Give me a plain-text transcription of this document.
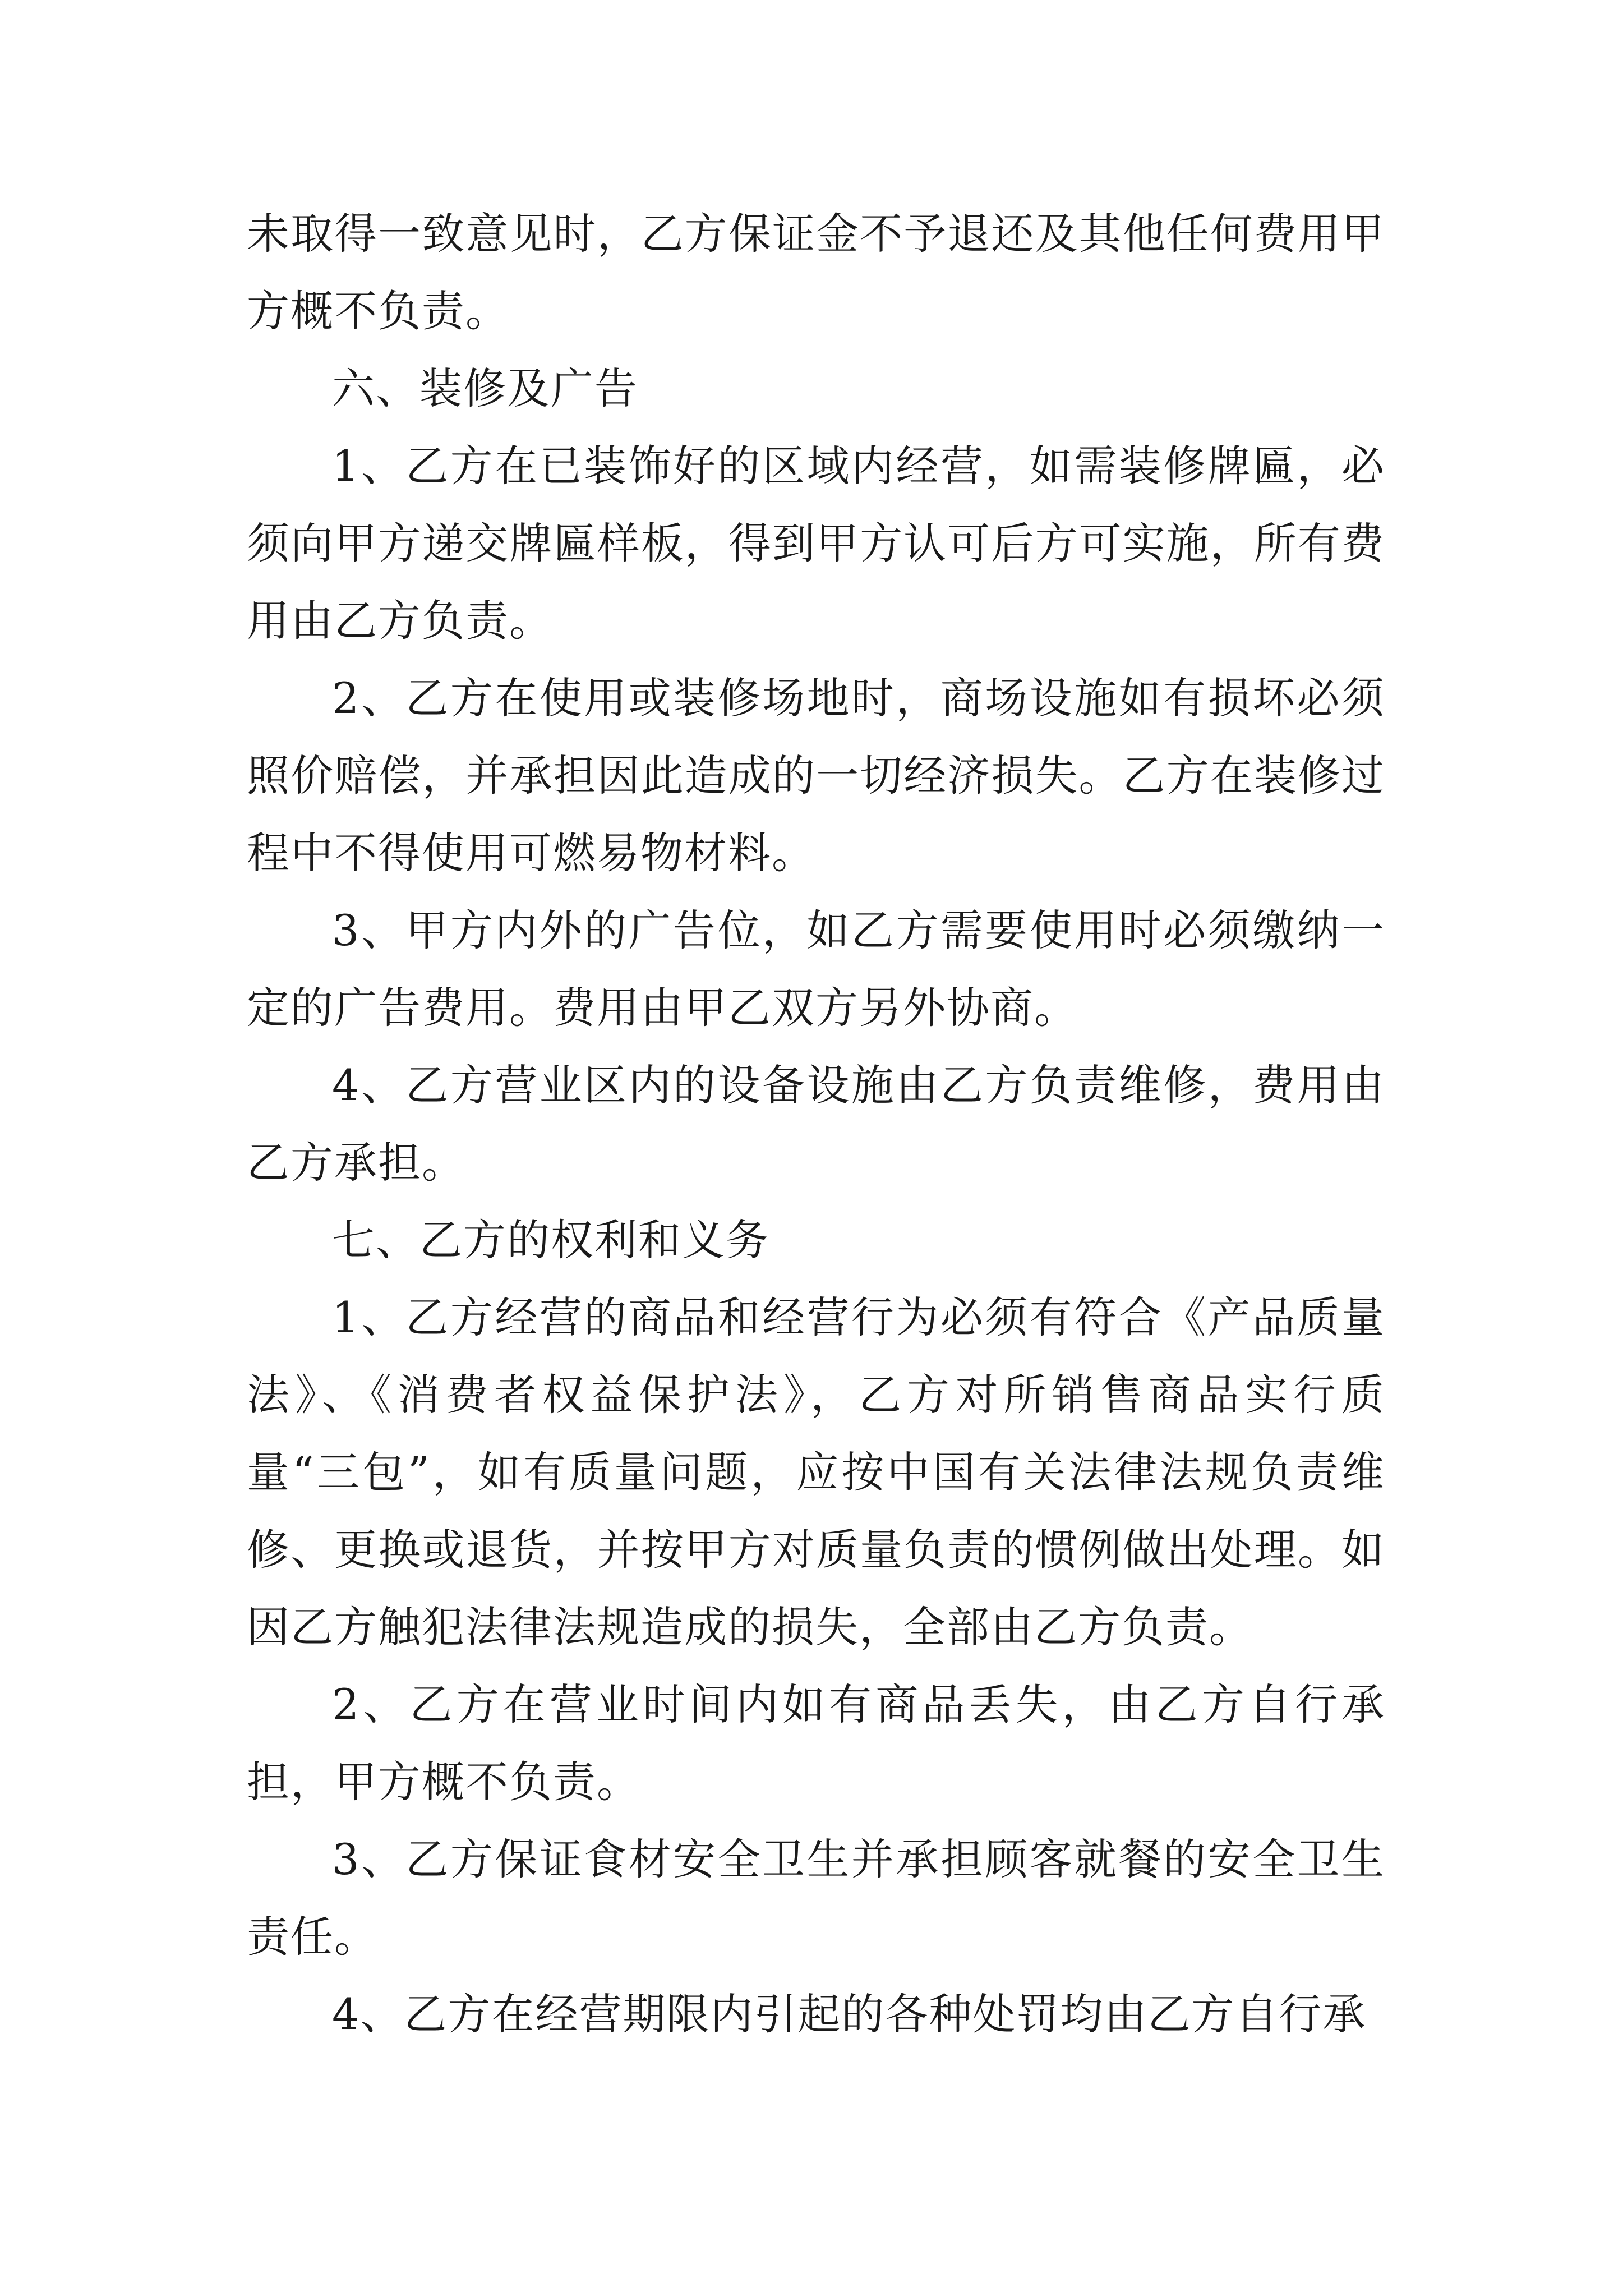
未取得一致意见时，乙方保证金不予退还及其他任何费用甲方概不负责。

六、装修及广告

1、乙方在已装饰好的区域内经营，如需装修牌匾，必须向甲方递交牌匾样板，得到甲方认可后方可实施，所有费用由乙方负责。

2、乙方在使用或装修场地时，商场设施如有损坏必须照价赔偿，并承担因此造成的一切经济损失。乙方在装修过程中不得使用可燃易物材料。

3、甲方内外的广告位，如乙方需要使用时必须缴纳一定的广告费用。费用由甲乙双方另外协商。

4、乙方营业区内的设备设施由乙方负责维修，费用由乙方承担。

七、乙方的权利和义务

1、乙方经营的商品和经营行为必须有符合《产品质量法》、《消费者权益保护法》，乙方对所销售商品实行质量“三包”，如有质量问题，应按中国有关法律法规负责维修、更换或退货，并按甲方对质量负责的惯例做出处理。如因乙方触犯法律法规造成的损失，全部由乙方负责。

2、乙方在营业时间内如有商品丢失，由乙方自行承担，甲方概不负责。

3、乙方保证食材安全卫生并承担顾客就餐的安全卫生责任。

4、乙方在经营期限内引起的各种处罚均由乙方自行承
